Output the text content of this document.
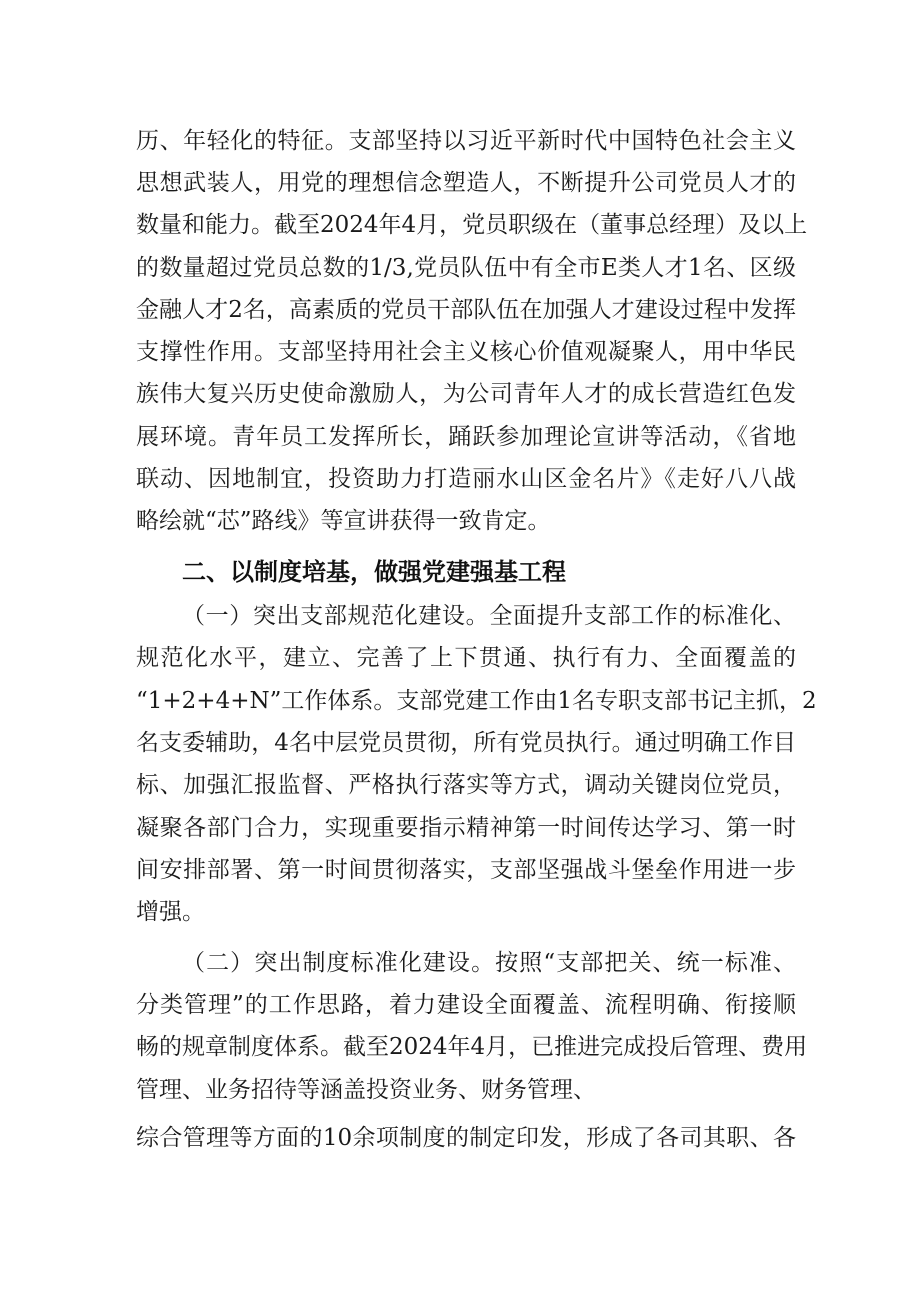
历、年轻化的特征。支部坚持以习近平新时代中国特色社会主义
思想武装人，用党的理想信念塑造人，不断提升公司党员人才的
数量和能力。截至2024年4月，党员职级在（董事总经理）及以上
的数量超过党员总数的1/3,党员队伍中有全市E类人才1名、区级
金融人才2名，高素质的党员干部队伍在加强人才建设过程中发挥
支撑性作用。支部坚持用社会主义核心价值观凝聚人，用中华民
族伟大复兴历史使命激励人，为公司青年人才的成长营造红色发
展环境。青年员工发挥所长，踊跃参加理论宣讲等活动，《省地
联动、因地制宜，投资助力打造丽水山区金名片》《走好八八战
略绘就“芯”路线》等宣讲获得一致肯定。
二、以制度培基，做强党建强基工程
（一）突出支部规范化建设。全面提升支部工作的标准化、
规范化水平，建立、完善了上下贯通、执行有力、全面覆盖的
“1+2+4+N”工作体系。支部党建工作由1名专职支部书记主抓，2
名支委辅助，4名中层党员贯彻，所有党员执行。通过明确工作目
标、加强汇报监督、严格执行落实等方式，调动关键岗位党员，
凝聚各部门合力，实现重要指示精神第一时间传达学习、第一时
间安排部署、第一时间贯彻落实，支部坚强战斗堡垒作用进一步
增强。
（二）突出制度标准化建设。按照“支部把关、统一标准、
分类管理”的工作思路，着力建设全面覆盖、流程明确、衔接顺
畅的规章制度体系。截至2024年4月，已推进完成投后管理、费用
管理、业务招待等涵盖投资业务、财务管理、
综合管理等方面的10余项制度的制定印发，形成了各司其职、各
